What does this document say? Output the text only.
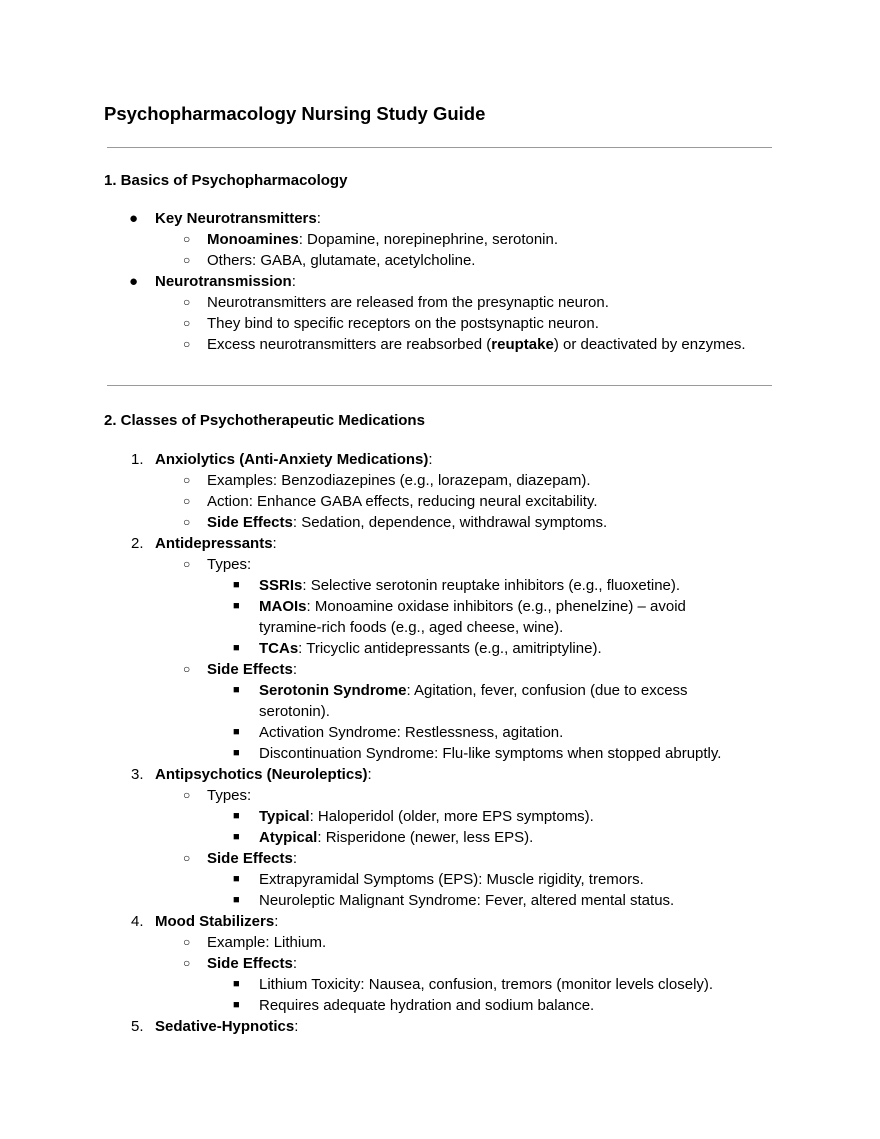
Psychopharmacology Nursing Study Guide
1. Basics of Psychopharmacology
● Key Neurotransmitters:
○ Monoamines: Dopamine, norepinephrine, serotonin.
○ Others: GABA, glutamate, acetylcholine.
● Neurotransmission:
○ Neurotransmitters are released from the presynaptic neuron.
○ They bind to specific receptors on the postsynaptic neuron.
○ Excess neurotransmitters are reabsorbed (reuptake) or deactivated by enzymes.
2. Classes of Psychotherapeutic Medications
1. Anxiolytics (Anti-Anxiety Medications):
○ Examples: Benzodiazepines (e.g., lorazepam, diazepam).
○ Action: Enhance GABA effects, reducing neural excitability.
○ Side Effects: Sedation, dependence, withdrawal symptoms.
2. Antidepressants:
○ Types:
■ SSRIs: Selective serotonin reuptake inhibitors (e.g., fluoxetine).
■ MAOIs: Monoamine oxidase inhibitors (e.g., phenelzine) – avoid
tyramine-rich foods (e.g., aged cheese, wine).
■ TCAs: Tricyclic antidepressants (e.g., amitriptyline).
○ Side Effects:
■ Serotonin Syndrome: Agitation, fever, confusion (due to excess
serotonin).
■ Activation Syndrome: Restlessness, agitation.
■ Discontinuation Syndrome: Flu-like symptoms when stopped abruptly.
3. Antipsychotics (Neuroleptics):
○ Types:
■ Typical: Haloperidol (older, more EPS symptoms).
■ Atypical: Risperidone (newer, less EPS).
○ Side Effects:
■ Extrapyramidal Symptoms (EPS): Muscle rigidity, tremors.
■ Neuroleptic Malignant Syndrome: Fever, altered mental status.
4. Mood Stabilizers:
○ Example: Lithium.
○ Side Effects:
■ Lithium Toxicity: Nausea, confusion, tremors (monitor levels closely).
■ Requires adequate hydration and sodium balance.
5. Sedative-Hypnotics:
